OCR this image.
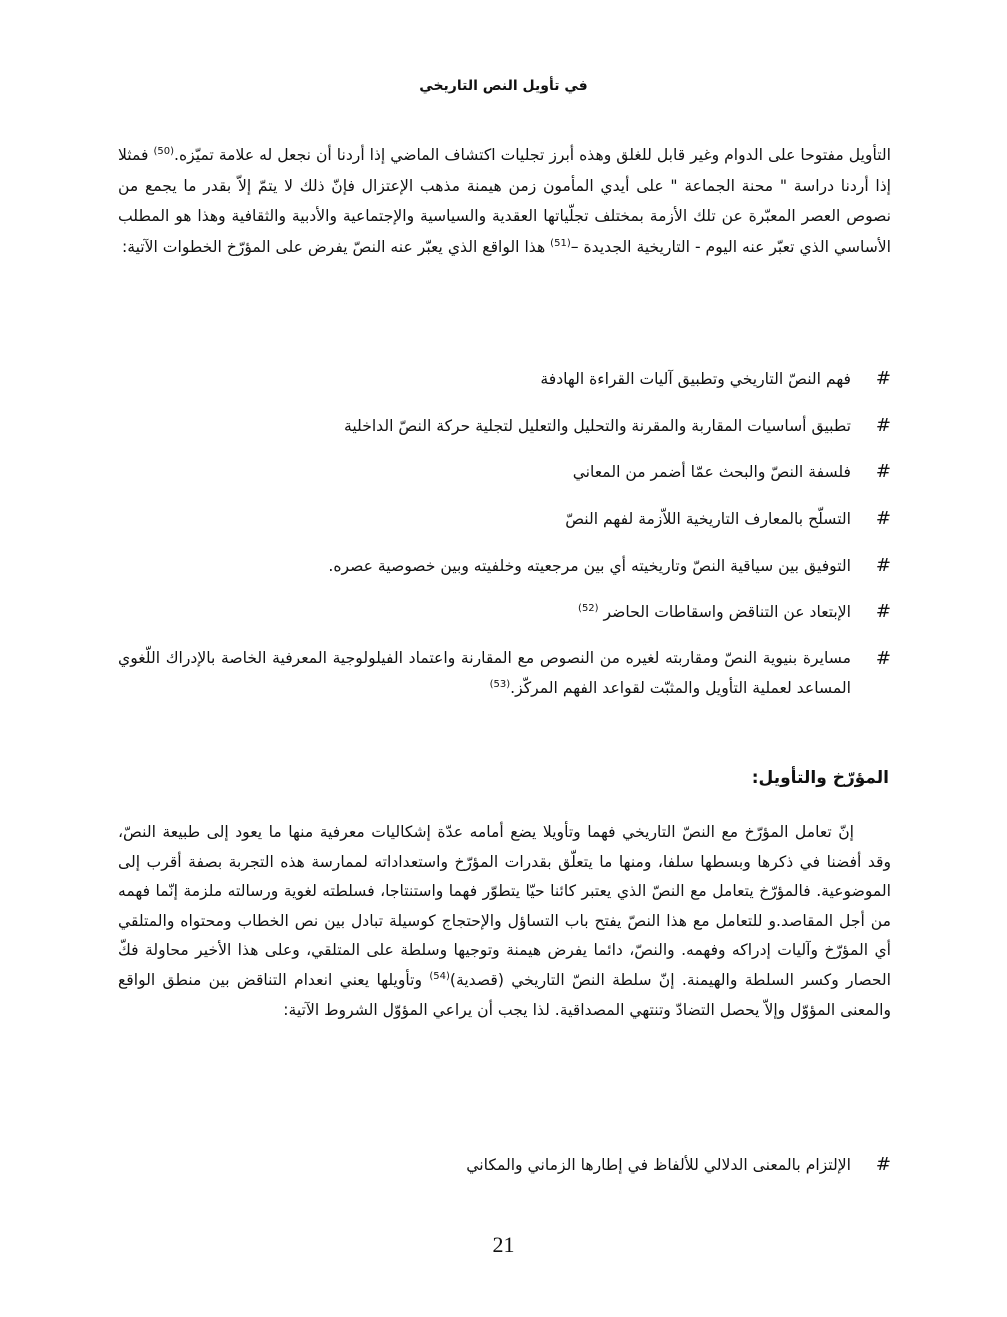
في تأويل النص التاريخي

التأويل مفتوحا على الدوام وغير قابل للغلق وهذه أبرز تجليات اكتشاف الماضي إذا أردنا أن نجعل له علامة تميّزه.$^{(50)}$ فمثلا إذا أردنا دراسة " محنة الجماعة " على أيدي المأمون زمن هيمنة مذهب الإعتزال فإنّ ذلك لا يتمّ إلاّ بقدر ما يجمع من نصوص العصر المعبّرة عن تلك الأزمة بمختلف تجلّياتها العقدية والسياسية والإجتماعية والأدبية والثقافية وهذا هو المطلب الأساسي الذي تعبّر عنه اليوم - التاريخية الجديدة –$^{(51)}$ هذا الواقع الذي يعبّر عنه النصّ يفرض على المؤرّخ الخطوات الآتية:

#
فهم النصّ التاريخي وتطبيق آليات القراءة الهادفة
#
تطبيق أساسيات المقاربة والمقرنة والتحليل والتعليل لتجلية حركة النصّ الداخلية
#
فلسفة النصّ والبحث عمّا أضمر من المعاني
#
التسلّح بالمعارف التاريخية اللاّزمة لفهم النصّ
#
التوفيق بين سياقية النصّ وتاريخيته أي بين مرجعيته وخلفيته وبين خصوصية عصره.
#
الإبتعاد عن التناقض واسقاطات الحاضر $^{(52)}$
#
مسايرة بنيوية النصّ ومقاربته لغيره من النصوص مع المقارنة واعتماد الفيلولوجية المعرفية الخاصة بالإدراك اللّغوي المساعد لعملية التأويل والمثبّت لقواعد الفهم المركّز.$^{(53)}$
المؤرّخ والتأويل:

إنّ تعامل المؤرّخ مع النصّ التاريخي فهما وتأويلا يضع أمامه عدّة إشكاليات معرفية منها ما يعود إلى طبيعة النصّ، وقد أفضنا في ذكرها وبسطها سلفا، ومنها ما يتعلّق بقدرات المؤرّخ واستعداداته لممارسة هذه التجربة بصفة أقرب إلى الموضوعية. فالمؤرّخ يتعامل مع النصّ الذي يعتبر كائنا حيّا يتطوّر فهما واستنتاجا، فسلطته لغوية ورسالته ملزمة إنّما فهمه من أجل المقاصد.و للتعامل مع هذا النصّ يفتح باب التساؤل والإحتجاج كوسيلة تبادل بين نص الخطاب ومحتواه والمتلقي أي المؤرّخ وآليات إدراكه وفهمه. والنصّ، دائما يفرض هيمنة وتوجيها وسلطة على المتلقي، وعلى هذا الأخير محاولة فكّ الحصار وكسر السلطة والهيمنة. إنّ سلطة النصّ التاريخي (قصدية)$^{(54)}$ وتأويلها يعني انعدام التناقض بين منطق الواقع والمعنى المؤوّل وإلاّ يحصل التضادّ وتنتهي المصداقية. لذا يجب أن يراعي المؤوّل الشروط الآتية:

#
الإلتزام بالمعنى الدلالي للألفاظ في إطارها الزماني والمكاني
21
